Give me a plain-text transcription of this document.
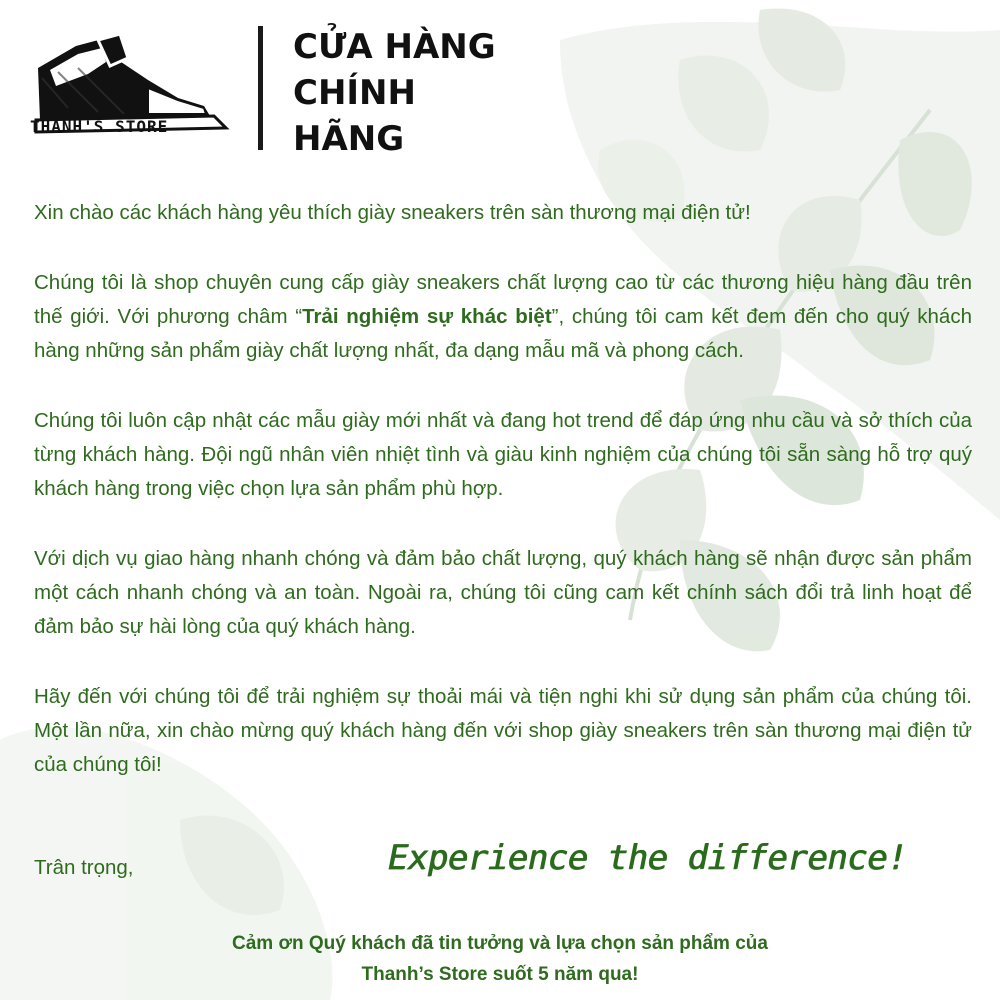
THANH'S STORE
CỬA HÀNG
CHÍNH
HÃNG

Xin chào các khách hàng yêu thích giày sneakers trên sàn thương mại điện tử!

Chúng tôi là shop chuyên cung cấp giày sneakers chất lượng cao từ các thương hiệu hàng đầu trên thế giới. Với phương châm “Trải nghiệm sự khác biệt”, chúng tôi cam kết đem đến cho quý khách hàng những sản phẩm giày chất lượng nhất, đa dạng mẫu mã và phong cách.

Chúng tôi luôn cập nhật các mẫu giày mới nhất và đang hot trend để đáp ứng nhu cầu và sở thích của từng khách hàng. Đội ngũ nhân viên nhiệt tình và giàu kinh nghiệm của chúng tôi sẵn sàng hỗ trợ quý khách hàng trong việc chọn lựa sản phẩm phù hợp.

Với dịch vụ giao hàng nhanh chóng và đảm bảo chất lượng, quý khách hàng sẽ nhận được sản phẩm một cách nhanh chóng và an toàn. Ngoài ra, chúng tôi cũng cam kết chính sách đổi trả linh hoạt để đảm bảo sự hài lòng của quý khách hàng.

Hãy đến với chúng tôi để trải nghiệm sự thoải mái và tiện nghi khi sử dụng sản phẩm của chúng tôi. Một lần nữa, xin chào mừng quý khách hàng đến với shop giày sneakers trên sàn thương mại điện tử của chúng tôi!

Trân trọng,	Experience the difference!
Cảm ơn Quý khách đã tin tưởng và lựa chọn sản phẩm của
Thanh’s Store suốt 5 năm qua!
